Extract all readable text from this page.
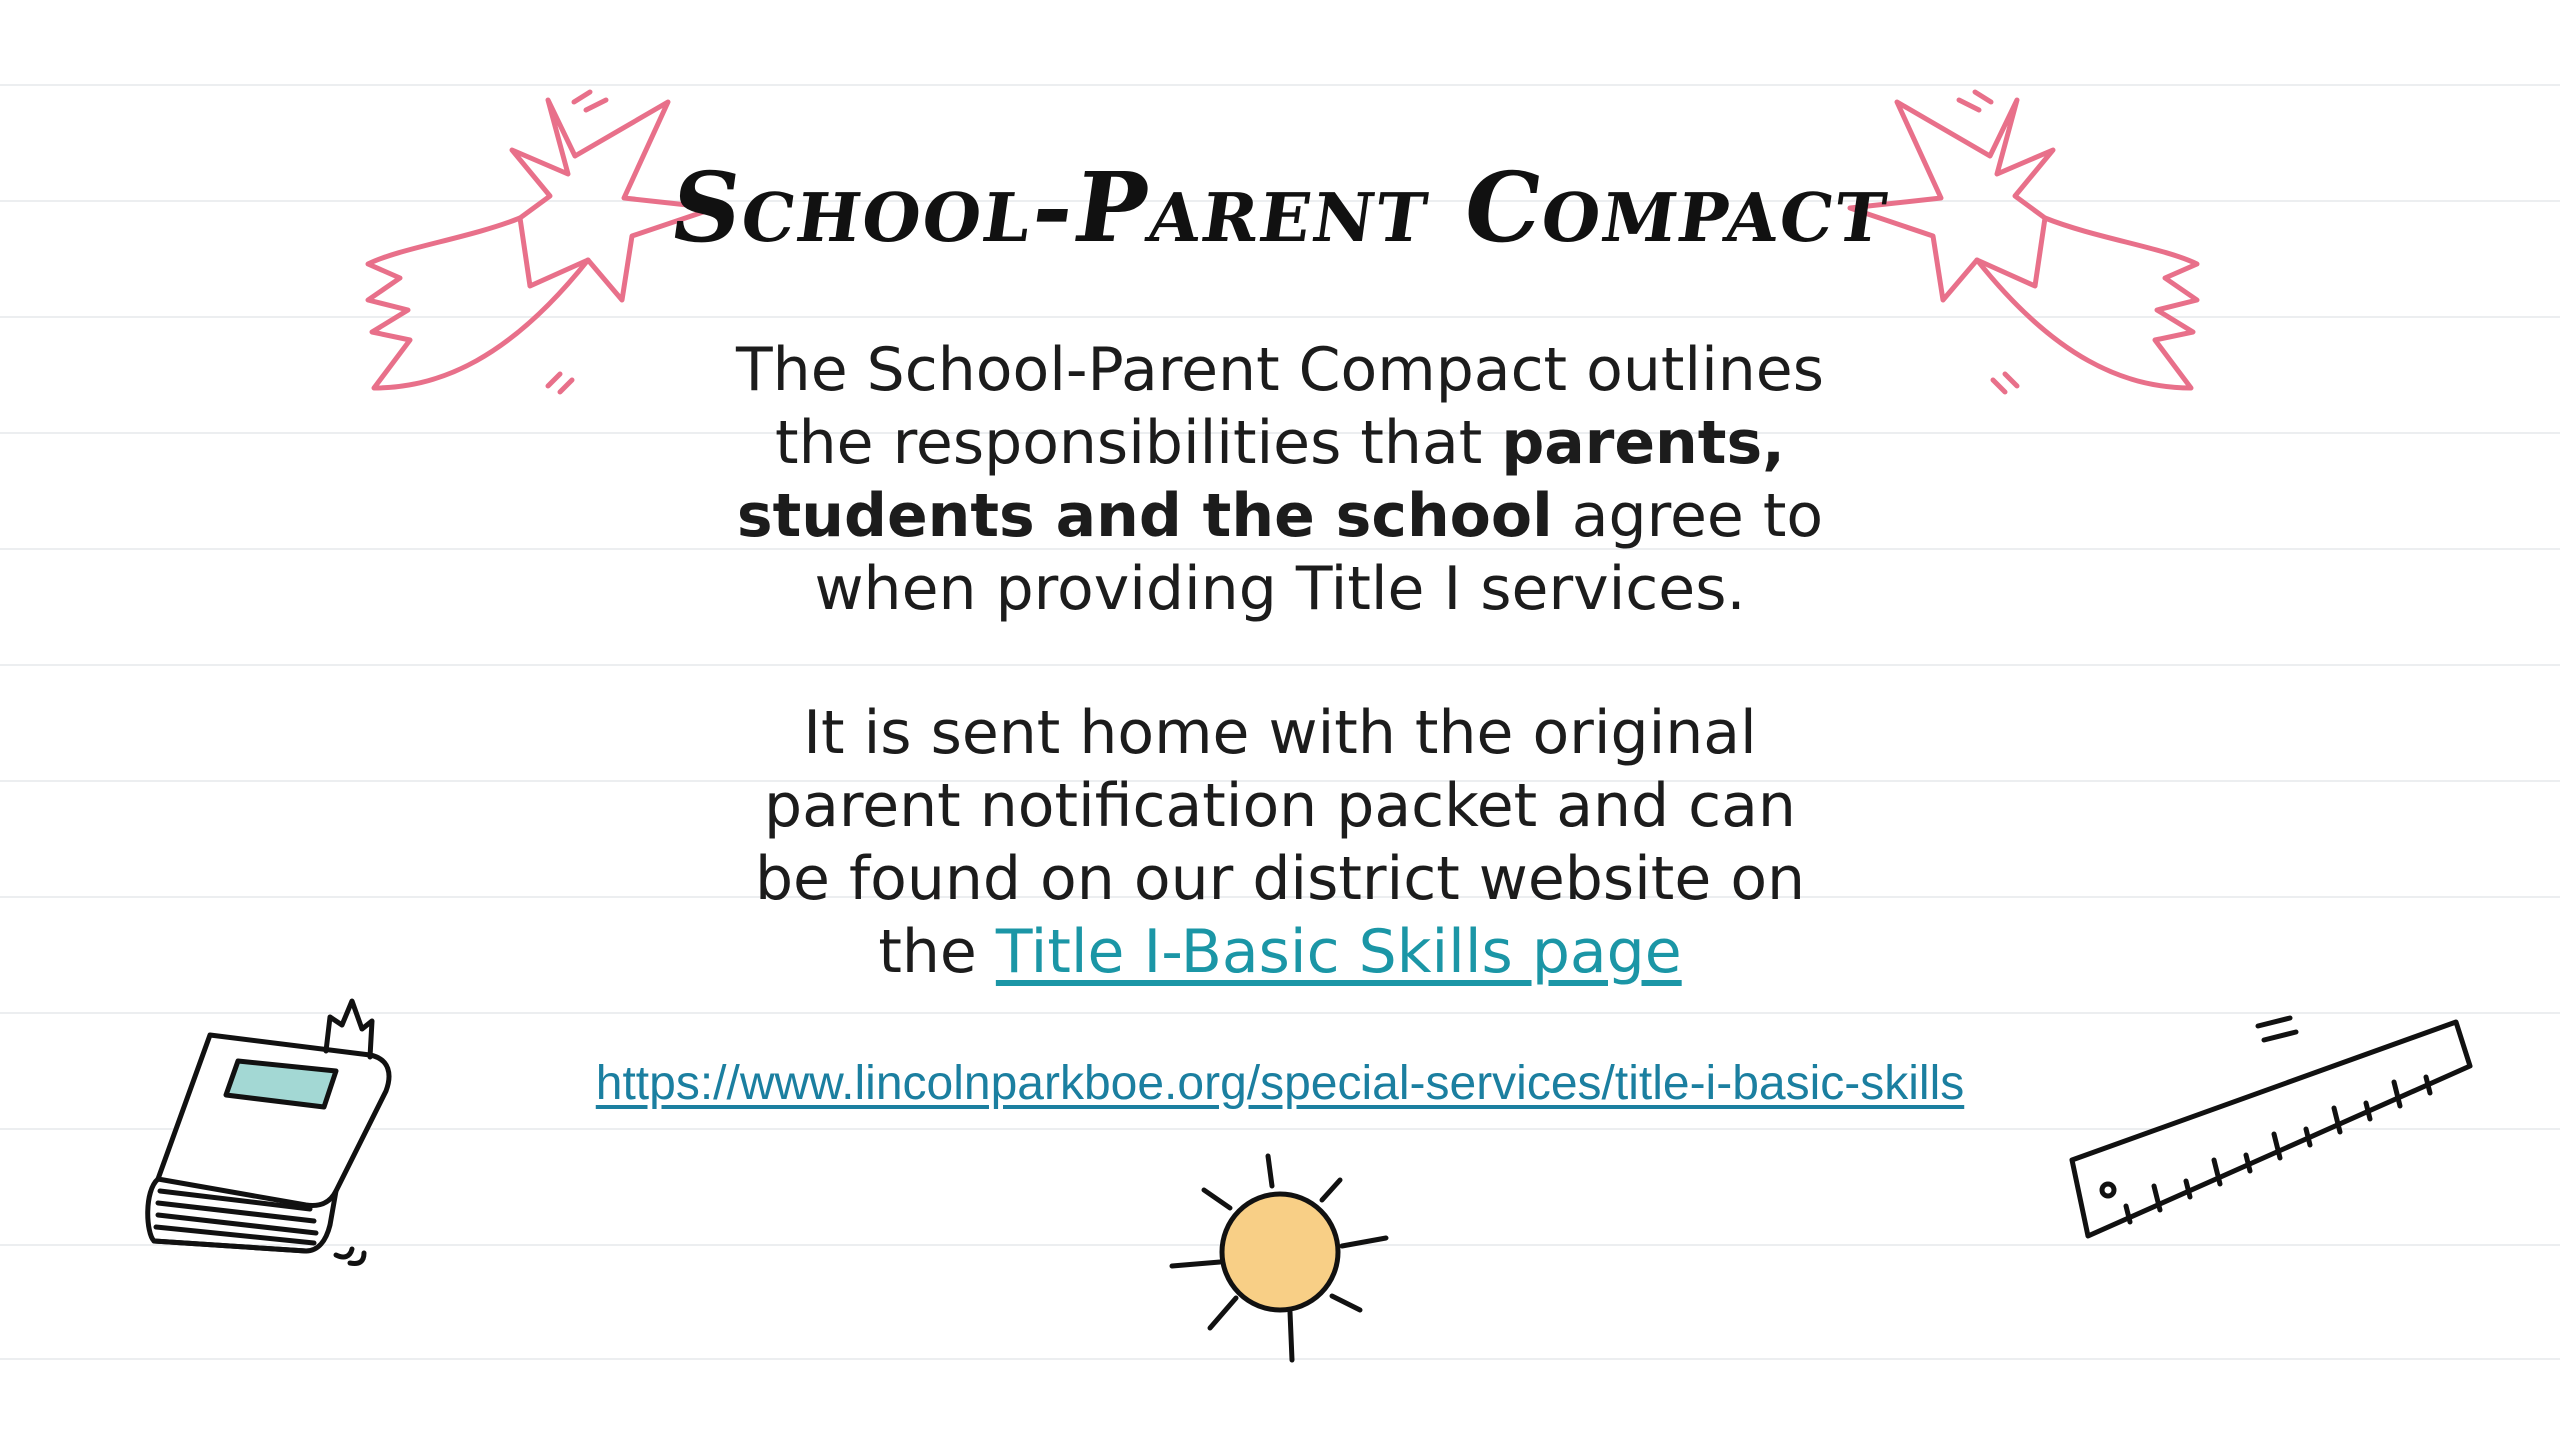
School-Parent Compact

The School-Parent Compact outlines
the responsibilities that parents,
students and the school agree to
when providing Title I services.

It is sent home with the original
parent notification packet and can
be found on our district website on
the Title I-Basic Skills page

https://www.lincolnparkboe.org/special-services/title-i-basic-skills
